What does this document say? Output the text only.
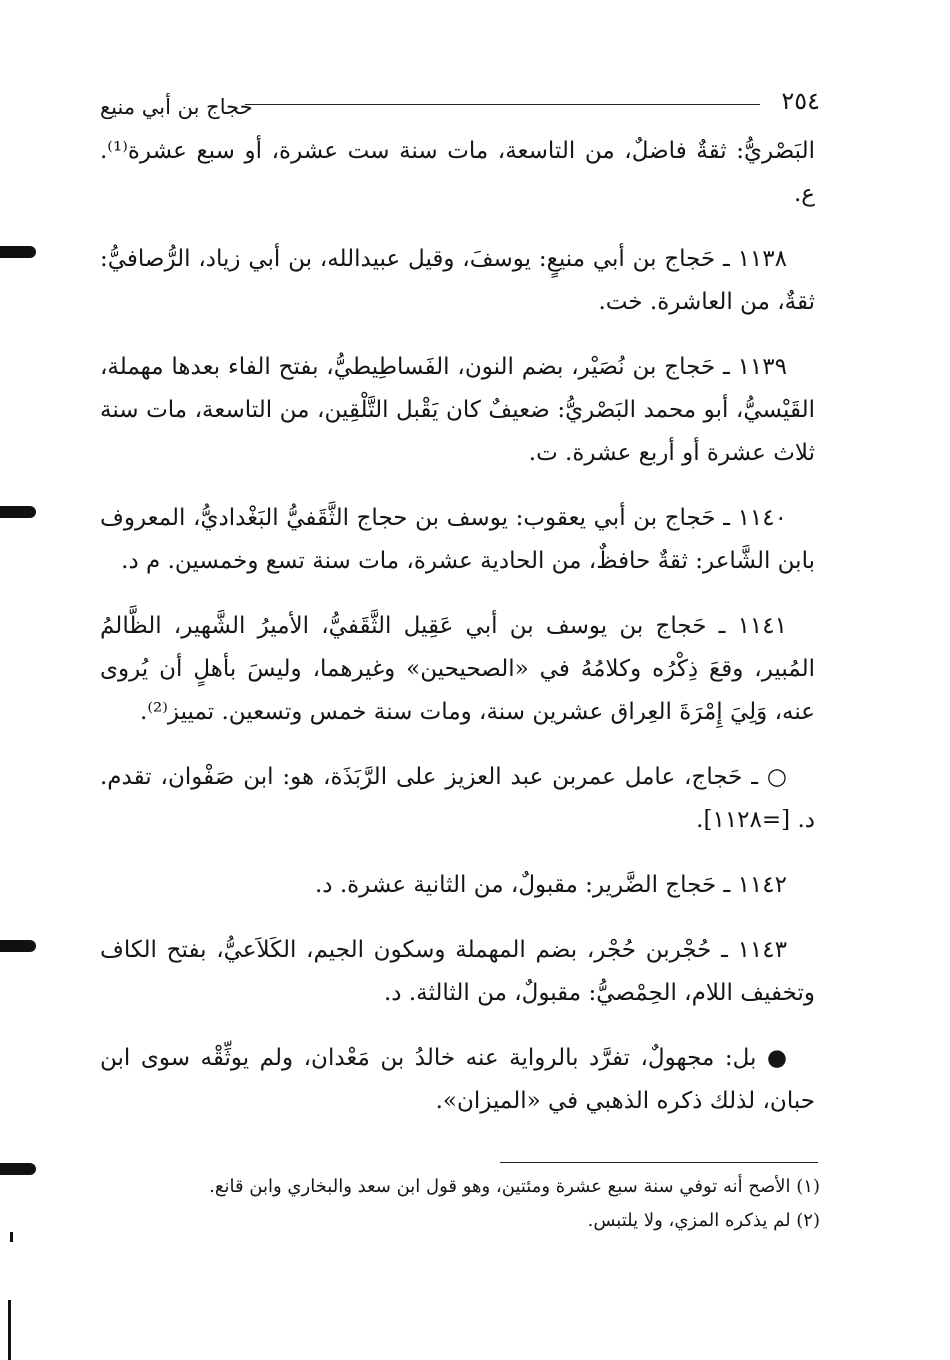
٢٥٤
حجاج بن أبي منيع

البَصْريُّ: ثقةٌ فاضلٌ، من التاسعة، مات سنة ست عشرة، أو سبع عشرة⁽¹⁾. ع.

١١٣٨ ـ حَجاج بن أبي منيعٍ: يوسفَ، وقيل عبيدالله، بن أبي زياد، الرُّصافيُّ: ثقةٌ، من العاشرة. خت.

١١٣٩ ـ حَجاج بن نُصَيْر، بضم النون، الفَساطِيطيُّ، بفتح الفاء بعدها مهملة، القَيْسيُّ، أبو محمد البَصْريُّ: ضعيفٌ كان يَقْبل التَّلْقِين، من التاسعة، مات سنة ثلاث عشرة أو أربع عشرة. ت.

١١٤٠ ـ حَجاج بن أبي يعقوب: يوسف بن حجاج الثَّقَفيُّ البَغْداديُّ، المعروف بابن الشَّاعر: ثقةٌ حافظٌ، من الحادية عشرة، مات سنة تسع وخمسين. م د.

١١٤١ ـ حَجاج بن يوسف بن أبي عَقِيل الثَّقَفيُّ، الأميرُ الشَّهير، الظَّالمُ المُبير، وقعَ ذِكْرُه وكلامُهُ في «الصحيحين» وغيرهما، وليسَ بأهلٍ أن يُروى عنه، وَلِيَ إِمْرَةَ العِراق عشرين سنة، ومات سنة خمس وتسعين. تمييز⁽²⁾.

○ ـ حَجاج، عامل عمربن عبد العزيز على الرَّبَذَة، هو: ابن صَفْوان، تقدم. د. [=١١٢٨].

١١٤٢ ـ حَجاج الضَّرير: مقبولٌ، من الثانية عشرة. د.

١١٤٣ ـ حُجْربن حُجْر، بضم المهملة وسكون الجيم، الكَلاَعيُّ، بفتح الكاف وتخفيف اللام، الحِمْصيُّ: مقبولٌ، من الثالثة. د.

● بل: مجهولٌ، تفرَّد بالرواية عنه خالدُ بن مَعْدان، ولم يوثِّقْه سوى ابن حبان، لذلك ذكره الذهبي في «الميزان».

(١) الأصح أنه توفي سنة سبع عشرة ومئتين، وهو قول ابن سعد والبخاري وابن قانع.

(٢) لم يذكره المزي، ولا يلتبس.
